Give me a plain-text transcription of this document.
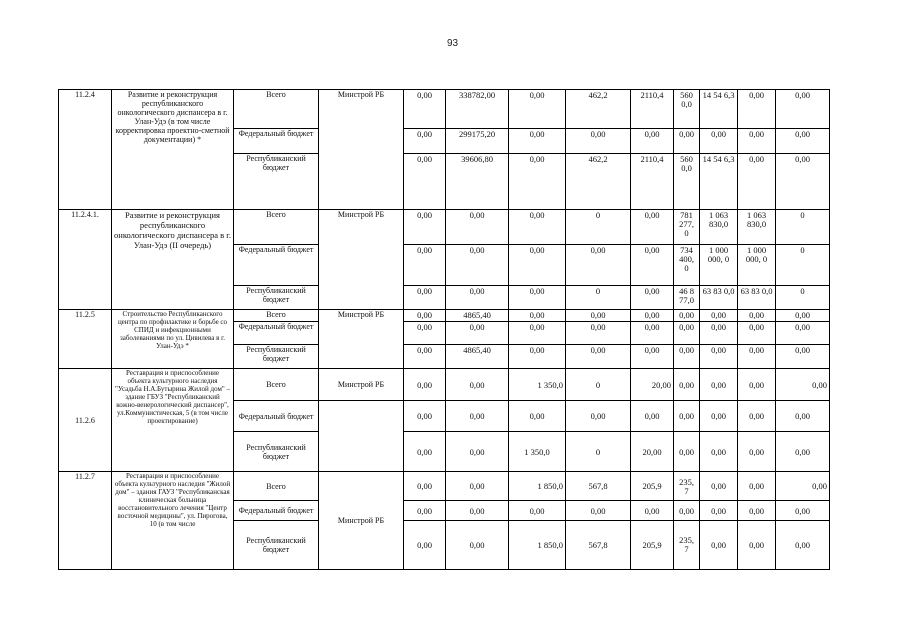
93
11.2.4	Развитие и реконструкция республиканского онкологического диспансера в г. Улан-Удэ (в том числе корректировка проектно-сметной документации) *	Всего	Минстрой РБ	0,00	338782,00	0,00	462,2	2110,4	560 0,0	14 54 6,3	0,00	0,00
		Федеральный бюджет		0,00	299175,20	0,00	0,00	0,00	0,00	0,00	0,00	0,00
		Республиканский бюджет		0,00	39606,80	0,00	462,2	2110,4	560 0,0	14 54 6,3	0,00	0,00
11.2.4.1.	Развитие и реконструкция республиканского онкологического диспансера в г. Улан-Удэ (II очередь)	Всего	Минстрой РБ	0,00	0,00	0,00	0	0,00	781 277, 0	1 063 830,0	1 063 830,0	0
		Федеральный бюджет		0,00	0,00	0,00	0,00	0,00	734 400, 0	1 000 000, 0	1 000 000, 0	0
		Республиканский бюджет		0,00	0,00	0,00	0	0,00	46 8 77,0	63 83 0,0	63 83 0,0	0
11.2.5	Строительство Республиканского центра по профилактике и борьбе со СПИД и инфекционными заболеваниями по ул. Цивилева в г. Улан-Удэ *	Всего	Минстрой РБ	0,00	4865,40	0,00	0,00	0,00	0,00	0,00	0,00	0,00
		Федеральный бюджет		0,00	0,00	0,00	0,00	0,00	0,00	0,00	0,00	0,00
		Республиканский бюджет		0,00	4865,40	0,00	0,00	0,00	0,00	0,00	0,00	0,00
11.2.6	Реставрация и приспособление объекта культурного наследия "Усадьба Н.А.Бутырина Жилой дом" – здание ГБУЗ "Республиканский кожно-венерологический диспансер", ул.Коммунистическая, 5 (в том числе проектирование)	Всего	Минстрой РБ	0,00	0,00	1 350,0	0	20,00	0,00	0,00	0,00	0,00
		Федеральный бюджет		0,00	0,00	0,00	0,00	0,00	0,00	0,00	0,00	0,00
		Республиканский бюджет		0,00	0,00	1 350,0	0	20,00	0,00	0,00	0,00	0,00
11.2.7	Реставрация и приспособление объекта культурного наследия "Жилой дом" – здания ГАУЗ "Республиканская клиническая больница восстановительного лечения "Центр восточной медицины", ул. Пирогова, 10 (в том числе	Всего	Минстрой РБ	0,00	0,00	1 850,0	567,8	205,9	235, 7	0,00	0,00	0,00
		Федеральный бюджет		0,00	0,00	0,00	0,00	0,00	0,00	0,00	0,00	0,00
		Республиканский бюджет		0,00	0,00	1 850,0	567,8	205,9	235, 7	0,00	0,00	0,00
